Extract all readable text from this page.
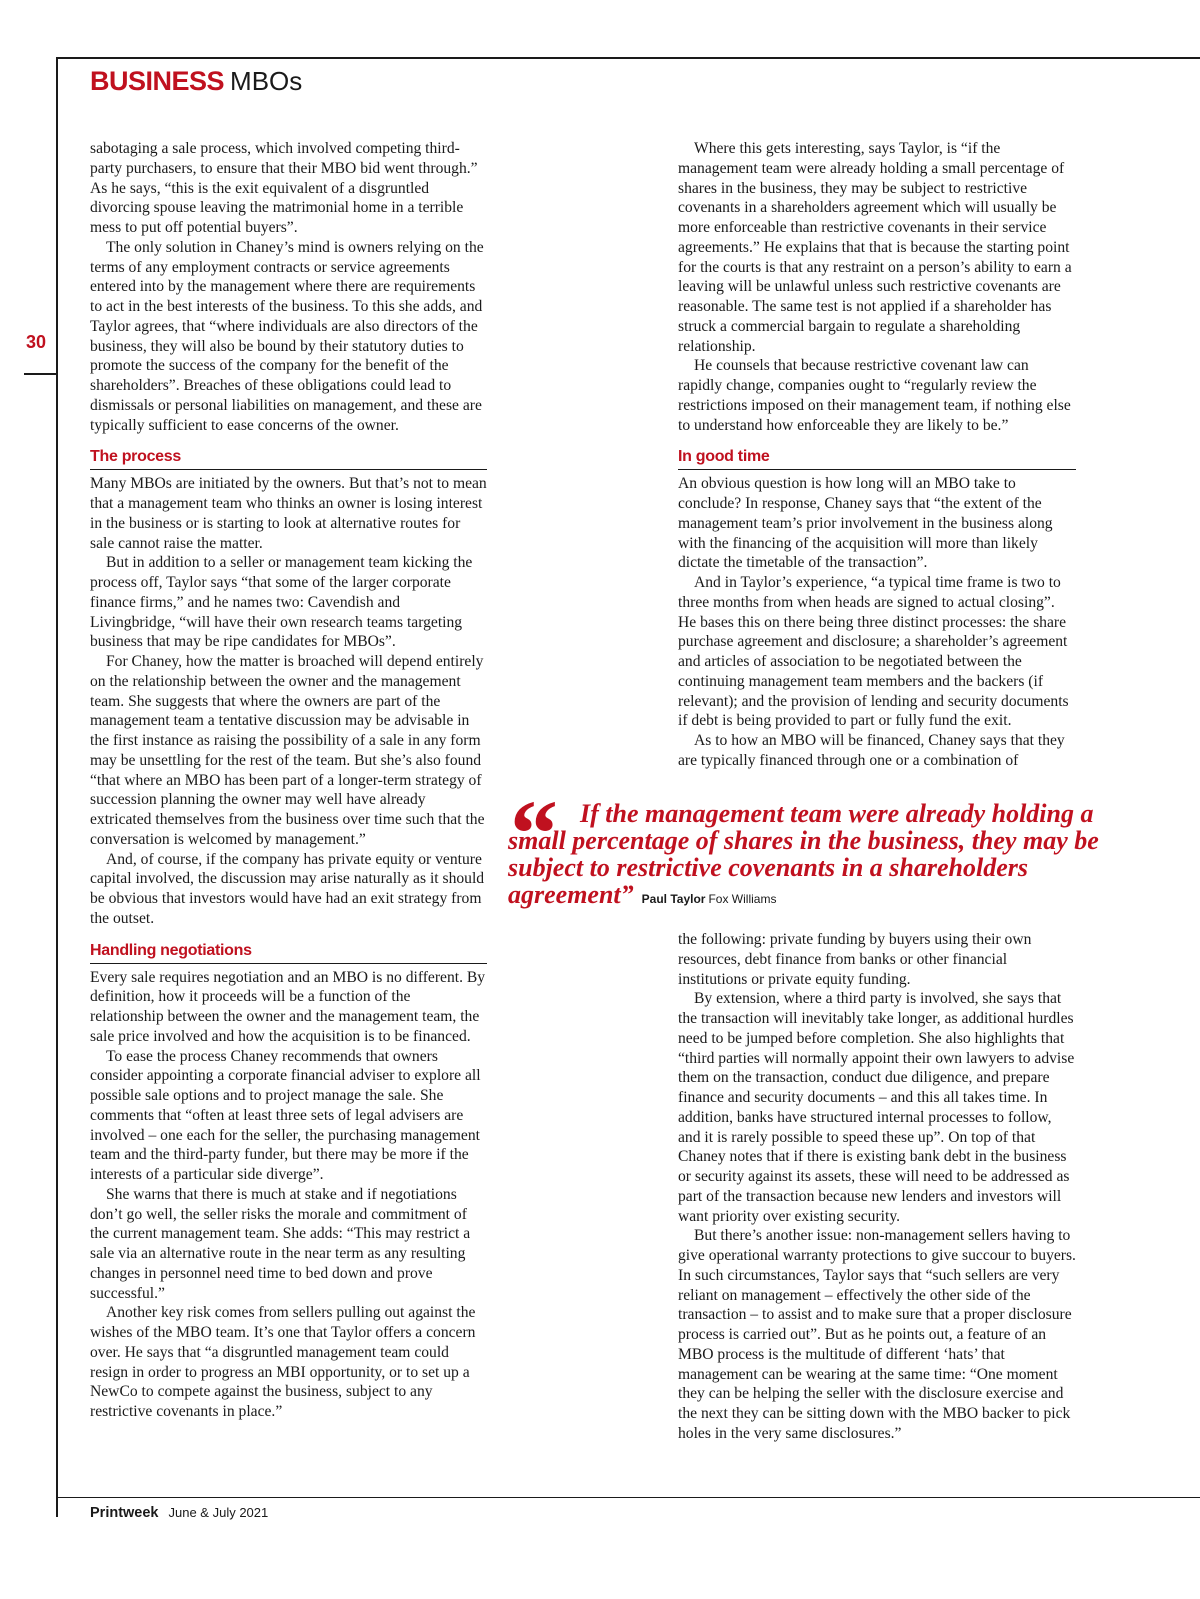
BUSINESS MBOs
30

sabotaging a sale process, which involved competing third-party purchasers, to ensure that their MBO bid went through.” As he says, “this is the exit equivalent of a disgruntled divorcing spouse leaving the matrimonial home in a terrible mess to put off potential buyers”.

The only solution in Chaney’s mind is owners relying on the terms of any employment contracts or service agreements entered into by the management where there are requirements to act in the best interests of the business. To this she adds, and Taylor agrees, that “where individuals are also directors of the business, they will also be bound by their statutory duties to promote the success of the company for the benefit of the shareholders”. Breaches of these obligations could lead to dismissals or personal liabilities on management, and these are typically sufficient to ease concerns of the owner.

The process

Many MBOs are initiated by the owners. But that’s not to mean that a management team who thinks an owner is losing interest in the business or is starting to look at alternative routes for sale cannot raise the matter.

But in addition to a seller or management team kicking the process off, Taylor says “that some of the larger corporate finance firms,” and he names two: Cavendish and Livingbridge, “will have their own research teams targeting business that may be ripe candidates for MBOs”.

For Chaney, how the matter is broached will depend entirely on the relationship between the owner and the management team. She suggests that where the owners are part of the management team a tentative discussion may be advisable in the first instance as raising the possibility of a sale in any form may be unsettling for the rest of the team. But she’s also found “that where an MBO has been part of a longer-term strategy of succession planning the owner may well have already extricated themselves from the business over time such that the conversation is welcomed by management.”

And, of course, if the company has private equity or venture capital involved, the discussion may arise naturally as it should be obvious that investors would have had an exit strategy from the outset.

Handling negotiations

Every sale requires negotiation and an MBO is no different. By definition, how it proceeds will be a function of the relationship between the owner and the management team, the sale price involved and how the acquisition is to be financed.

To ease the process Chaney recommends that owners consider appointing a corporate financial adviser to explore all possible sale options and to project manage the sale. She comments that “often at least three sets of legal advisers are involved – one each for the seller, the purchasing management team and the third-party funder, but there may be more if the interests of a particular side diverge”.

She warns that there is much at stake and if negotiations don’t go well, the seller risks the morale and commitment of the current management team. She adds: “This may restrict a sale via an alternative route in the near term as any resulting changes in personnel need time to bed down and prove successful.”

Another key risk comes from sellers pulling out against the wishes of the MBO team. It’s one that Taylor offers a concern over. He says that “a disgruntled management team could resign in order to progress an MBI opportunity, or to set up a NewCo to compete against the business, subject to any restrictive covenants in place.”

Where this gets interesting, says Taylor, is “if the management team were already holding a small percentage of shares in the business, they may be subject to restrictive covenants in a shareholders agreement which will usually be more enforceable than restrictive covenants in their service agreements.” He explains that that is because the starting point for the courts is that any restraint on a person’s ability to earn a leaving will be unlawful unless such restrictive covenants are reasonable. The same test is not applied if a shareholder has struck a commercial bargain to regulate a shareholding relationship.

He counsels that because restrictive covenant law can rapidly change, companies ought to “regularly review the restrictions imposed on their management team, if nothing else to understand how enforceable they are likely to be.”

In good time

An obvious question is how long will an MBO take to conclude? In response, Chaney says that “the extent of the management team’s prior involvement in the business along with the financing of the acquisition will more than likely dictate the timetable of the transaction”.

And in Taylor’s experience, “a typical time frame is two to three months from when heads are signed to actual closing”. He bases this on there being three distinct processes: the share purchase agreement and disclosure; a shareholder’s agreement and articles of association to be negotiated between the continuing management team members and the backers (if relevant); and the provision of lending and security documents if debt is being provided to part or fully fund the exit.

As to how an MBO will be financed, Chaney says that they are typically financed through one or a combination of

“ If the management team were already holding a small percentage of shares in the business, they may be subject to restrictive covenants in a shareholders agreement” Paul Taylor Fox Williams

the following: private funding by buyers using their own resources, debt finance from banks or other financial institutions or private equity funding.

By extension, where a third party is involved, she says that the transaction will inevitably take longer, as additional hurdles need to be jumped before completion. She also highlights that “third parties will normally appoint their own lawyers to advise them on the transaction, conduct due diligence, and prepare finance and security documents – and this all takes time. In addition, banks have structured internal processes to follow, and it is rarely possible to speed these up”. On top of that Chaney notes that if there is existing bank debt in the business or security against its assets, these will need to be addressed as part of the transaction because new lenders and investors will want priority over existing security.

But there’s another issue: non-management sellers having to give operational warranty protections to give succour to buyers. In such circumstances, Taylor says that “such sellers are very reliant on management – effectively the other side of the transaction – to assist and to make sure that a proper disclosure process is carried out”. But as he points out, a feature of an MBO process is the multitude of different ‘hats’ that management can be wearing at the same time: “One moment they can be helping the seller with the disclosure exercise and the next they can be sitting down with the MBO backer to pick holes in the very same disclosures.”

Printweek June & July 2021
